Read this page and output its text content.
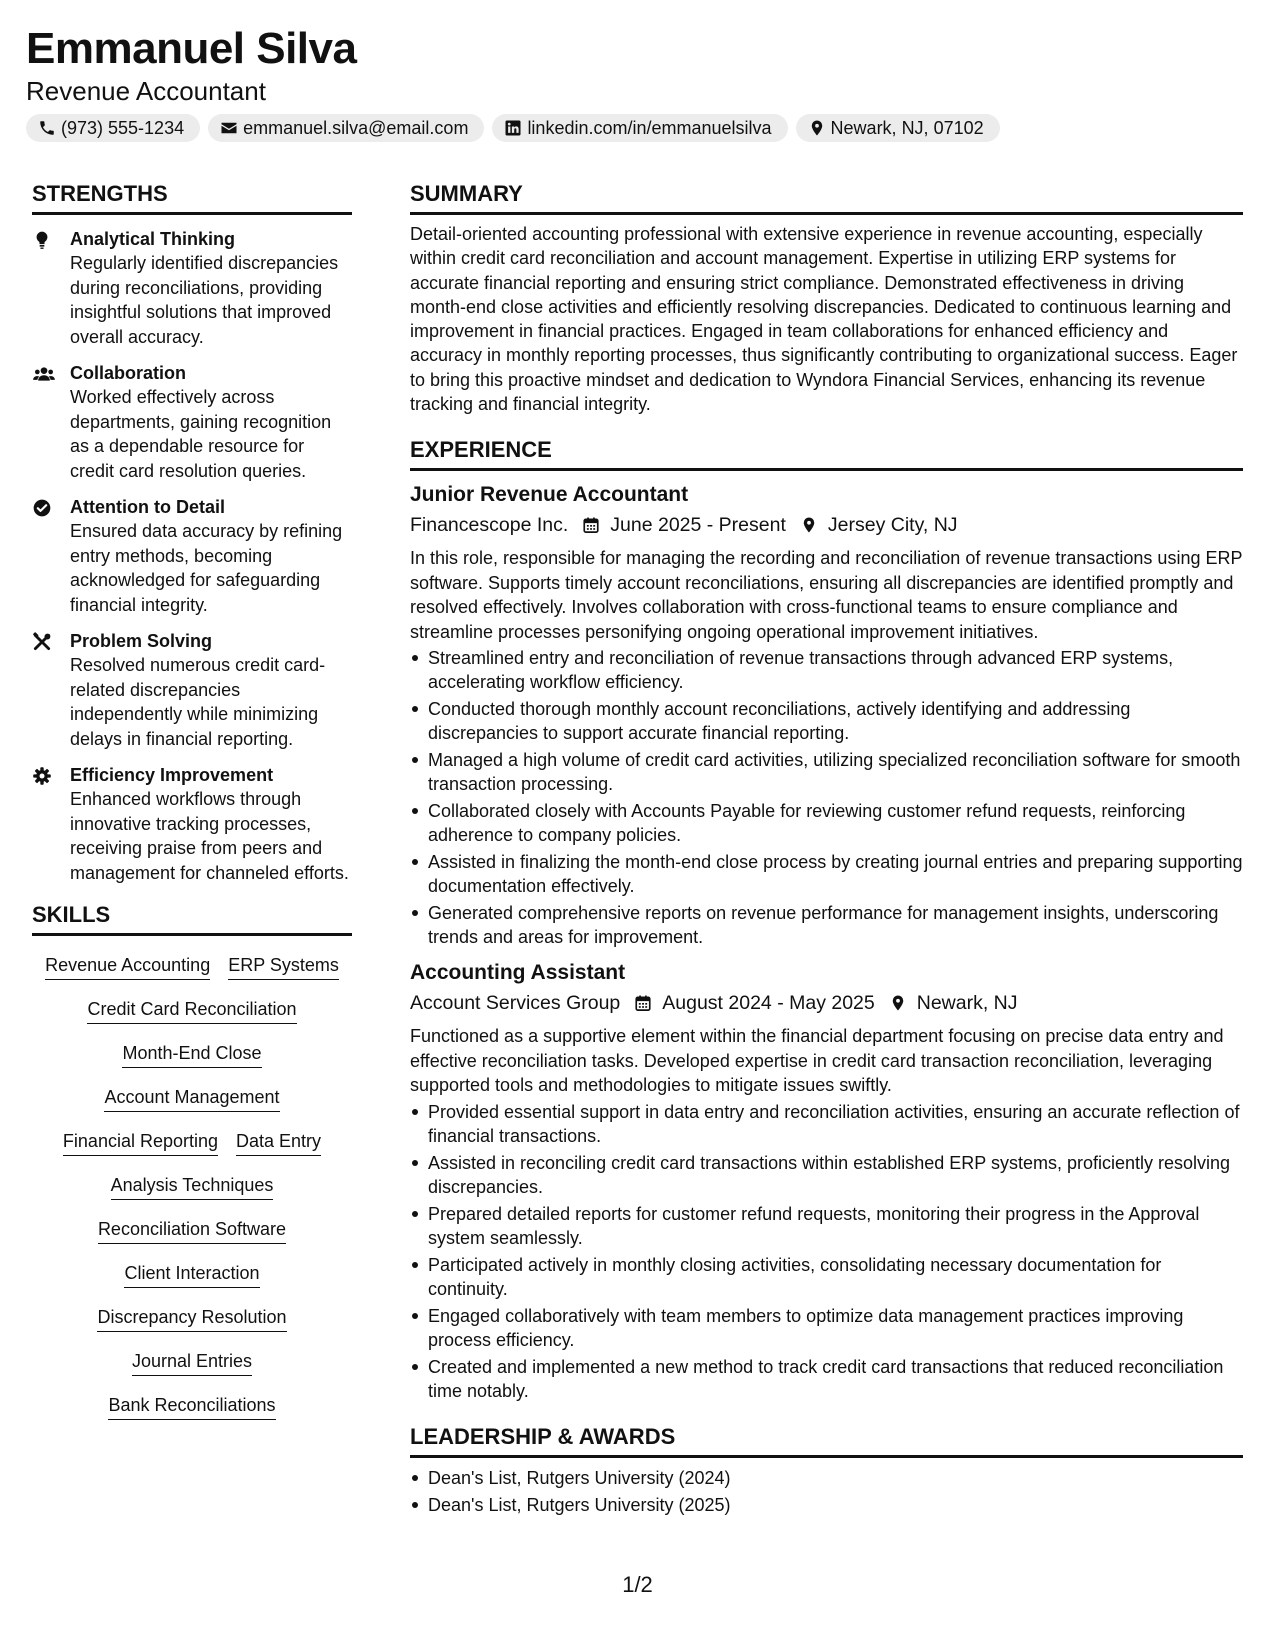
Emmanuel Silva
Revenue Accountant
(973) 555-1234	emmanuel.silva@email.com	linkedin.com/in/emmanuelsilva	Newark, NJ, 07102
STRENGTHS
Analytical Thinking
Regularly identified discrepancies during reconciliations, providing insightful solutions that improved overall accuracy.
Collaboration
Worked effectively across departments, gaining recognition as a dependable resource for credit card resolution queries.
Attention to Detail
Ensured data accuracy by refining entry methods, becoming acknowledged for safeguarding financial integrity.
Problem Solving
Resolved numerous credit card-related discrepancies independently while minimizing delays in financial reporting.
Efficiency Improvement
Enhanced workflows through innovative tracking processes, receiving praise from peers and management for channeled efforts.
SKILLS
Revenue Accounting ERP Systems
Credit Card Reconciliation
Month-End Close
Account Management
Financial Reporting Data Entry
Analysis Techniques
Reconciliation Software
Client Interaction
Discrepancy Resolution
Journal Entries
Bank Reconciliations
SUMMARY
Detail-oriented accounting professional with extensive experience in revenue accounting, especially within credit card reconciliation and account management. Expertise in utilizing ERP systems for accurate financial reporting and ensuring strict compliance. Demonstrated effectiveness in driving month-end close activities and efficiently resolving discrepancies. Dedicated to continuous learning and improvement in financial practices. Engaged in team collaborations for enhanced efficiency and accuracy in monthly reporting processes, thus significantly contributing to organizational success. Eager to bring this proactive mindset and dedication to Wyndora Financial Services, enhancing its revenue tracking and financial integrity.
EXPERIENCE
Junior Revenue Accountant
Financescope Inc. June 2025 - Present Jersey City, NJ
In this role, responsible for managing the recording and reconciliation of revenue transactions using ERP software. Supports timely account reconciliations, ensuring all discrepancies are identified promptly and resolved effectively. Involves collaboration with cross-functional teams to ensure compliance and streamline processes personifying ongoing operational improvement initiatives.
Streamlined entry and reconciliation of revenue transactions through advanced ERP systems, accelerating workflow efficiency.
Conducted thorough monthly account reconciliations, actively identifying and addressing discrepancies to support accurate financial reporting.
Managed a high volume of credit card activities, utilizing specialized reconciliation software for smooth transaction processing.
Collaborated closely with Accounts Payable for reviewing customer refund requests, reinforcing adherence to company policies.
Assisted in finalizing the month-end close process by creating journal entries and preparing supporting documentation effectively.
Generated comprehensive reports on revenue performance for management insights, underscoring trends and areas for improvement.
Accounting Assistant
Account Services Group August 2024 - May 2025 Newark, NJ
Functioned as a supportive element within the financial department focusing on precise data entry and effective reconciliation tasks. Developed expertise in credit card transaction reconciliation, leveraging supported tools and methodologies to mitigate issues swiftly.
Provided essential support in data entry and reconciliation activities, ensuring an accurate reflection of financial transactions.
Assisted in reconciling credit card transactions within established ERP systems, proficiently resolving discrepancies.
Prepared detailed reports for customer refund requests, monitoring their progress in the Approval system seamlessly.
Participated actively in monthly closing activities, consolidating necessary documentation for continuity.
Engaged collaboratively with team members to optimize data management practices improving process efficiency.
Created and implemented a new method to track credit card transactions that reduced reconciliation time notably.
LEADERSHIP & AWARDS
Dean's List, Rutgers University (2024)
Dean's List, Rutgers University (2025)
1/2
